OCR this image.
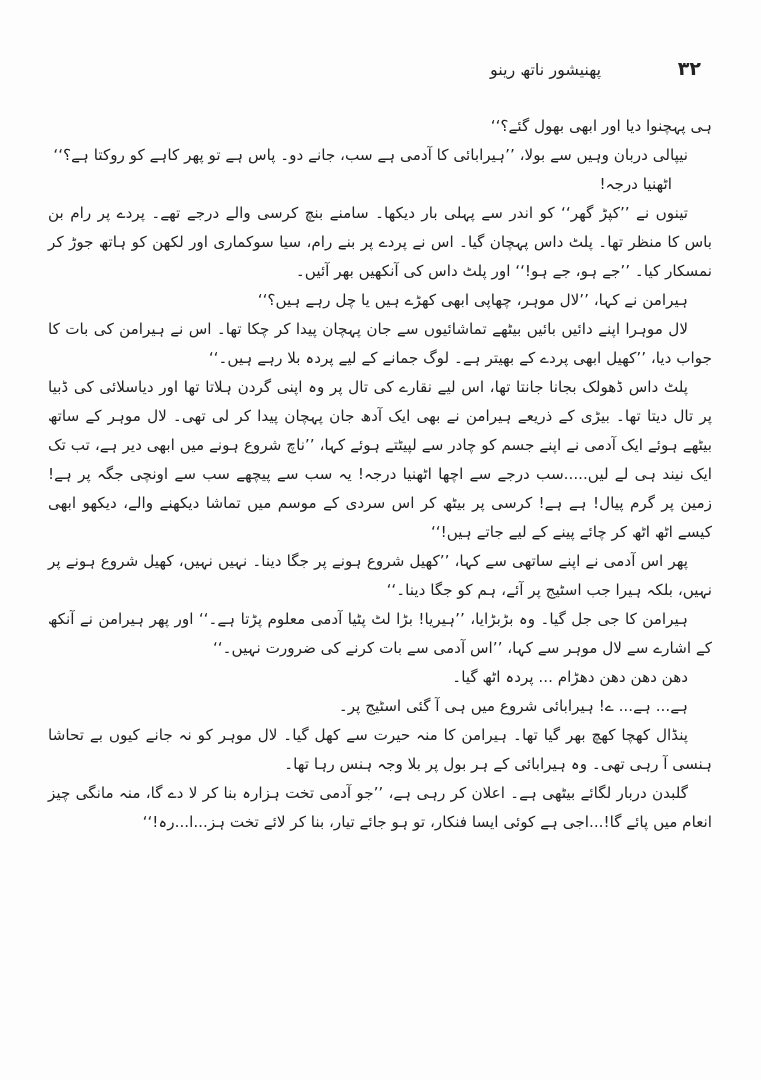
۳۲
پھنیشور ناتھ رینو

ہی پہچنوا دیا اور ابھی بھول گئے؟‘‘

نیپالی دربان وہیں سے بولا، ’’ہیرابائی کا آدمی ہے سب، جانے دو۔ پاس ہے تو پھر کاہے کو روکتا ہے؟‘‘

اٹھنیا درجہ!

تینوں نے ’’کپڑ گھر‘‘ کو اندر سے پہلی بار دیکھا۔ سامنے بنچ کرسی والے درجے تھے۔ پردے پر رام بن باس کا منظر تھا۔ پلٹ داس پہچان گیا۔ اس نے پردے پر بنے رام، سیا سوکماری اور لکھن کو ہاتھ جوڑ کر نمسکار کیا۔ ’’جے ہو، جے ہو!‘‘ اور پلٹ داس کی آنکھیں بھر آئیں۔

ہیرامن نے کہا، ’’لال موہر، چھاپی ابھی کھڑے ہیں یا چل رہے ہیں؟‘‘

لال موہرا اپنے دائیں بائیں بیٹھے تماشائیوں سے جان پہچان پیدا کر چکا تھا۔ اس نے ہیرامن کی بات کا جواب دیا، ’’کھیل ابھی پردے کے بھیتر ہے۔ لوگ جمانے کے لیے پردہ بلا رہے ہیں۔‘‘

پلٹ داس ڈھولک بجانا جانتا تھا، اس لیے نقارے کی تال پر وہ اپنی گردن ہلاتا تھا اور دیاسلائی کی ڈبیا پر تال دیتا تھا۔ بیڑی کے ذریعے ہیرامن نے بھی ایک آدھ جان پہچان پیدا کر لی تھی۔ لال موہر کے ساتھ بیٹھے ہوئے ایک آدمی نے اپنے جسم کو چادر سے لپیٹتے ہوئے کہا، ’’ناچ شروع ہونے میں ابھی دیر ہے، تب تک ایک نیند ہی لے لیں.....سب درجے سے اچھا اٹھنیا درجہ! یہ سب سے پیچھے سب سے اونچی جگہ پر ہے! زمین پر گرم پیال! ہے ہے! کرسی پر بیٹھ کر اس سردی کے موسم میں تماشا دیکھنے والے، دیکھو ابھی کیسے اٹھ اٹھ کر چائے پینے کے لیے جاتے ہیں!‘‘

پھر اس آدمی نے اپنے ساتھی سے کہا، ’’کھیل شروع ہونے پر جگا دینا۔ نہیں نہیں، کھیل شروع ہونے پر نہیں، بلکہ ہیرا جب اسٹیج پر آئے، ہم کو جگا دینا۔‘‘

ہیرامن کا جی جل گیا۔ وہ بڑبڑایا، ’’ہیریا! بڑا لٹ پٹیا آدمی معلوم پڑتا ہے۔‘‘ اور پھر ہیرامن نے آنکھ کے اشارے سے لال موہر سے کہا، ’’اس آدمی سے بات کرنے کی ضرورت نہیں۔‘‘

دھن دھن دھن دھڑام ... پردہ اٹھ گیا۔

ہے... ہے... ے! ہیرابائی شروع میں ہی آ گئی اسٹیج پر۔

پنڈال کھچا کھچ بھر گیا تھا۔ ہیرامن کا منہ حیرت سے کھل گیا۔ لال موہر کو نہ جانے کیوں بے تحاشا ہنسی آ رہی تھی۔ وہ ہیرابائی کے ہر بول پر بلا وجہ ہنس رہا تھا۔

گلبدن دربار لگائے بیٹھی ہے۔ اعلان کر رہی ہے، ’’جو آدمی تخت ہزارہ بنا کر لا دے گا، منہ مانگی چیز انعام میں پائے گا!...اجی ہے کوئی ایسا فنکار، تو ہو جائے تیار، بنا کر لائے تخت ہز...ا...رہ!‘‘
